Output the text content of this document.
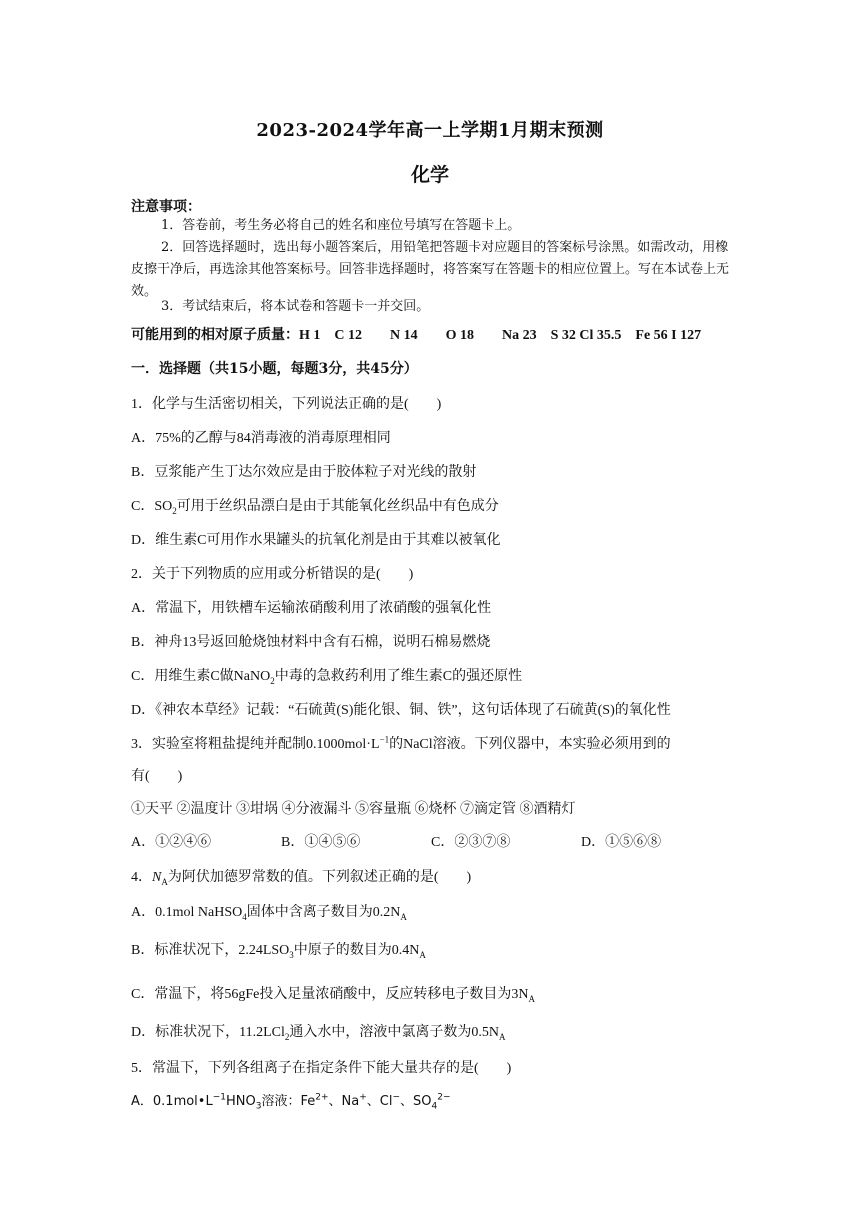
2023-2024学年高一上学期1月期末预测
化学
注意事项：
1．答卷前，考生务必将自己的姓名和座位号填写在答题卡上。
2．回答选择题时，选出每小题答案后，用铅笔把答题卡对应题目的答案标号涂黑。如需改动，用橡皮擦干净后，再选涂其他答案标号。回答非选择题时，将答案写在答题卡的相应位置上。写在本试卷上无效。
3．考试结束后，将本试卷和答题卡一并交回。
可能用到的相对原子质量：H 1　C 12　　N 14　　O 18　　Na 23　S 32 Cl 35.5　Fe 56 I 127
一．选择题（共15小题，每题3分，共45分）
1．化学与生活密切相关，下列说法正确的是(　　)
A．75%的乙醇与84消毒液的消毒原理相同
B．豆浆能产生丁达尔效应是由于胶体粒子对光线的散射
C．$SO_2$可用于丝织品漂白是由于其能氧化丝织品中有色成分
D．维生素C可用作水果罐头的抗氧化剂是由于其难以被氧化
2．关于下列物质的应用或分析错误的是(　　)
A．常温下，用铁槽车运输浓硝酸利用了浓硝酸的强氧化性
B．神舟13号返回舱烧蚀材料中含有石棉，说明石棉易燃烧
C．用维生素C做NaNO$_2$中毒的急救药利用了维生素C的强还原性
D．《神农本草经》记载：“石硫黄(S)能化银、铜、铁”，这句话体现了石硫黄(S)的氧化性
3．实验室将粗盐提纯并配制$0.1000mol\cdot L^{-1}$的NaCl溶液。下列仪器中，本实验必须用到的
有(　　)
①天平 ②温度计 ③坩埚 ④分液漏斗 ⑤容量瓶 ⑥烧杯 ⑦滴定管 ⑧酒精灯
A．①②④⑥	B．①④⑤⑥	C．②③⑦⑧	D．①⑤⑥⑧
4．$N_A$为阿伏加德罗常数的值。下列叙述正确的是(　　)
A．0.1mol NaHSO$_4$固体中含离子数目为$0.2N_A$
B．标准状况下，$2.24LSO_3$中原子的数目为$0.4N_A$
C．常温下，将56gFe投入足量浓硝酸中，反应转移电子数目为$3N_A$
D．标准状况下，11.2LCl$_2$通入水中，溶液中氯离子数为$0.5N_A$
5．常温下，下列各组离子在指定条件下能大量共存的是(　　)
A．$0.1mol•L^{-1}HNO_3$溶液：$Fe^{2+}$、Na+、Cl−、$SO_4^{2-}$
